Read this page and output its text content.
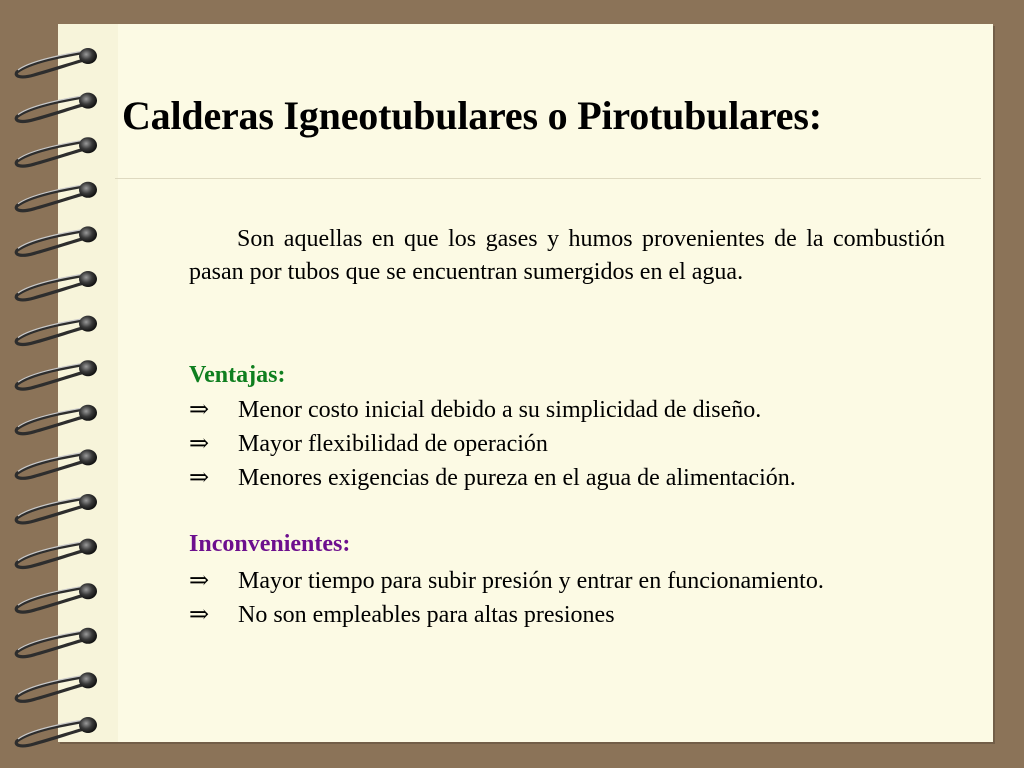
Calderas Igneotubulares o Pirotubulares:

Son aquellas en que los gases y humos provenientes de la combustión pasan por tubos que se encuentran sumergidos en el agua.

Ventajas:
⇒	Menor costo inicial debido a su simplicidad de diseño.
⇒	Mayor flexibilidad de operación
⇒	Menores exigencias de pureza en el agua de alimentación.
Inconvenientes:
⇒	Mayor tiempo para subir presión y entrar en funcionamiento.
⇒	No son empleables para altas presiones
